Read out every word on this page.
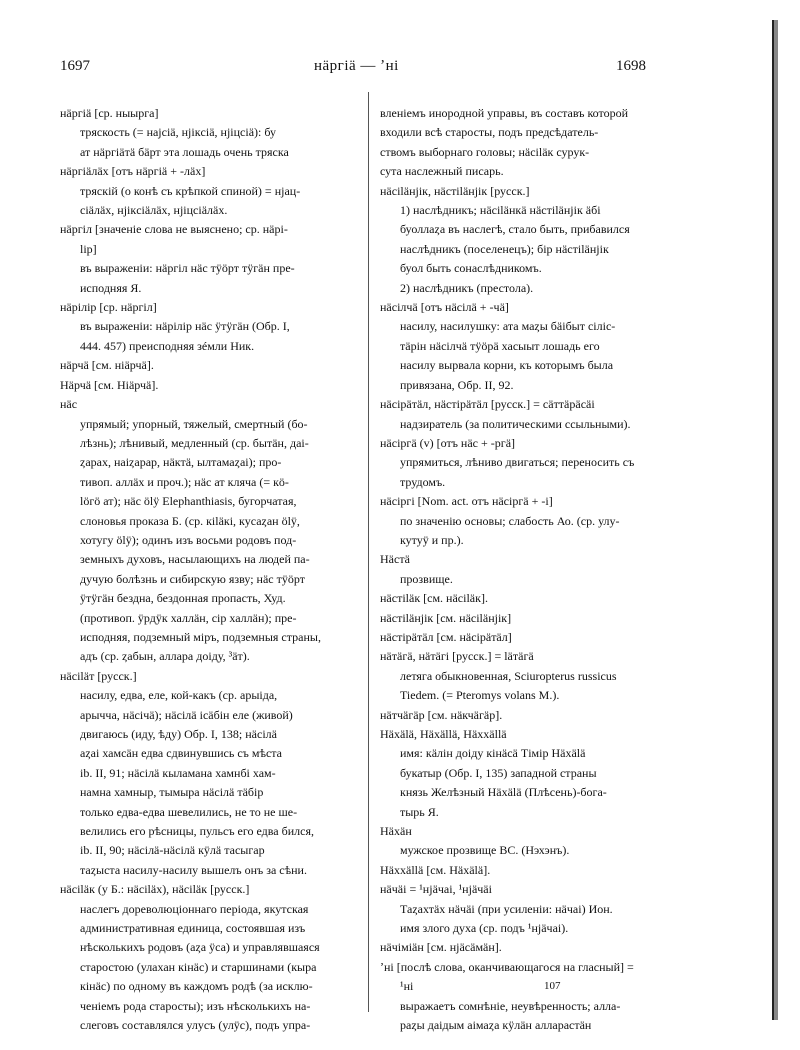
1697	нäргiä — ʼнi	1698
нäргiä [ср. ныырга]
тряскость (= наjciä, нjiкciä, нjiцciä): бу
ат нäргiäтä бäрт эта лошадь очень тряска
нäргiäлäх [отъ нäргiä + -лäх]
тряскій (о конѣ съ крѣпкой спиной) = нjац-
ciäлäх, нjiкciäлäх, нjiцciäлäх.
нäргiл [значеніе слова не выяснено; ср. нäрi-
lip]
въ выраженіи: нäргiл нäс тÿöрт тÿгäн пре-
исподняя Я.
нäрiлiр [ср. нäргiл]
въ выраженіи: нäрiлiр нäс ÿтÿгäн (Обр. I,
444. 457) преисподняя зéмли Ник.
нäрчä [см. нiäрчä].
Нäрчä [см. Нiäрчä].
нäс
упрямый; упорный, тяжелый, смертный (бо-
лѣзнь); лѣнивый, медленный (ср. бытäн, даi-
ȥарах, нaiȥарар, нäктä, ылтамаȥаi); про-
тивоп. аллäх и проч.); нäс ат кляча (= кö-
löгö ат); нäс ölÿ Elephanthiasis, бугорчатая,
слоновья проказа Б. (ср. кiläкi, кусаȥан ölÿ,
хотугу ölÿ); одинъ изъ восьми родовъ под-
земныхъ духовъ, насылающихъ на людей па-
дучую болѣзнь и сибирскую язву; нäс тÿöрт
ÿтÿгäн бездна, бездонная пропасть, Худ.
(противоп. ÿрдÿк халлäн, сiр халлäн); пре-
исподняя, подземный міръ, подземныя страны,
адъ (ср. ȥабын, аллара доiду, ³äт).
нäciläт [русск.]
насилу, едва, еле, кой-какъ (ср. арыiда,
арычча, нäciчä); нäciлä icäбiн еле (живой)
двигаюсь (иду, ѣду) Обр. I, 138; нäciлä
аȥаi хамсäн едва сдвинувшись съ мѣста
ib. II, 91; нäciлä кылaмaнa хамнбi хам-
намна хамныр, тымыра нäciлä тäбiр
только едва-едва шевелились, не то не ше-
велились его рѣсницы, пульсъ его едва бился,
ib. II, 90; нäciлä-нäciлä кÿлä тасыгар
таȥыста насилу-насилу вышелъ онъ за сѣни.
нäciläк (у Б.: нäciläх), нäciläк [русск.]
наслегъ дореволюціоннаго періода, якутская
административная единица, состоявшая изъ
нѣсколькихъ родовъ (аȥа ÿса) и управлявшаяся
старостою (улахан кiнäс) и старшинами (кыра
кiнäс) по одному въ каждомъ родѣ (за исклю-
ченіемъ рода старосты); изъ нѣсколькихъ на-
слеговъ составлялся улусъ (улÿс), подъ упра-
вленіемъ инородной управы, въ составъ которой
входили всѣ старосты, подъ предсѣдатель-
ствомъ выборнаго головы; нäciläк сурук-
сута наслежный писарь.
нäciläнjiк, нäстiläнjiк [русск.]
1) наслѣдникъ; нäciläнкä нäстiläнjiк äбi
буоллаȥа въ наслегѣ, стало быть, прибавился
наслѣдникъ (поселенецъ); бiр нäстiläнjiк
буол быть сонаслѣдникомъ.
2) наслѣдникъ (престола).
нäciлчä [отъ нäciлä + -чä]
насилу, насилушку: ата маȥы бäiбыт ciлic-
тäрiн нäciлчä тÿöрä хасыыт лошадь его
насилу вырвала корни, къ которымъ была
привязана, Обр. II, 92.
нäciрäтäл, нäстiрäтäл [русск.] = сäттäрäсäi
надзиратель (за политическими ссыльными).
нäciргä (v) [отъ нäс + -ргä]
упрямиться, лѣниво двигаться; переносить съ
трудомъ.
нäciргi [Nom. act. отъ нäciргä + -i]
по значенію основы; слабость Ао. (ср. улу-
кутуÿ и пр.).
Нäстä
прозвище.
нäстiläк [см. нäciläк].
нäстiläнjiк [см. нäciläнjiк]
нäстiрäтäл [см. нäciрäтäл]
нäтäгä, нäтäгi [русск.] = läтäгä
летяга обыкновенная, Sciuropterus russicus
Tiedem. (= Pteromys volans M.).
нäтчäгäр [см. нäкчäгäр].
Нäхälä, Нäхällä, Нäххällä
имя: кäлiн доiду кiнäсä Тiмiр Нäхälä
букатыр (Обр. I, 135) западной страны
князь Желѣзный Нäхälä (Плѣсень)-бога-
тырь Я.
Нäхäн
мужское прозвище ВС. (Нэхэнъ).
Нäххällä [см. Нäхälä].
нäчäi = ¹нjäчаi, ¹нjäчäi
Таȥахтäх нäчäi (при усиленіи: нäчаi) Ион.
имя злого духа (ср. подъ ¹нjäчаi).
нäчiмiäн [см. нjäсäмäн].
ʼнi [послѣ слова, оканчивающагося на гласный] =
¹нi
выражаетъ сомнѣніе, неувѣренность; алла-
раȥы даiдым аiмаȥа кÿлäн алларастäн
107
